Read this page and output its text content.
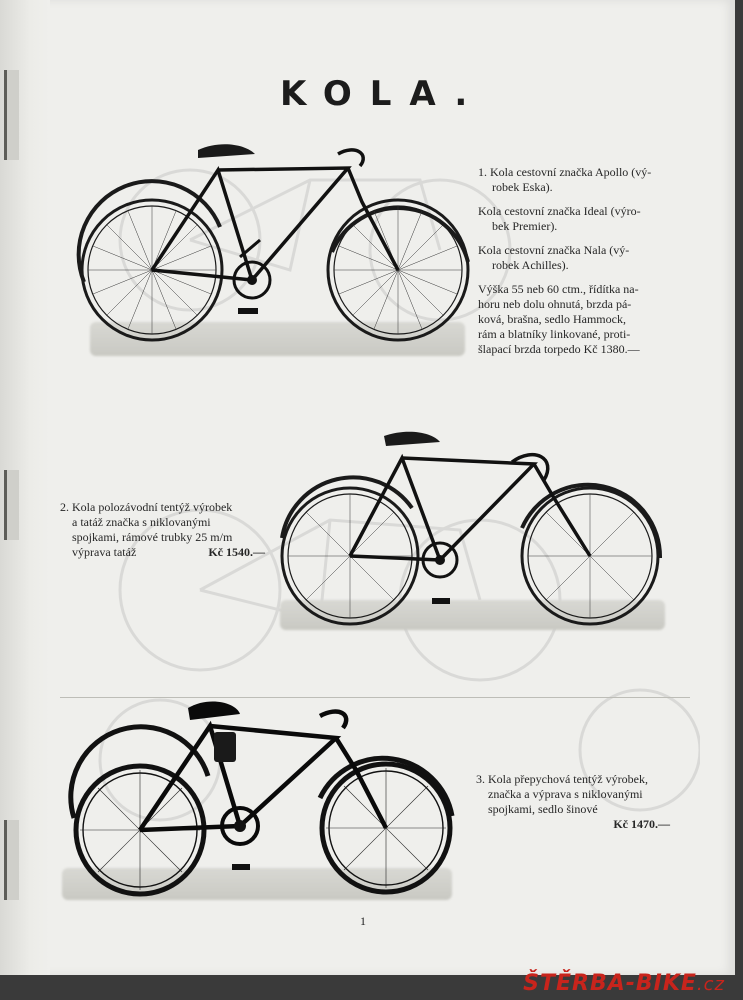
KOLA.

1. Kola cestovní značka Apollo (vý-
robek Eska).

Kola cestovní značka Ideal (výro-
bek Premier).

Kola cestovní značka Nala (vý-
robek Achilles).

Výška 55 neb 60 ctm., řídítka na-
horu neb dolu ohnutá, brzda pá-
ková, brašna, sedlo Hammock,
rám a blatníky linkované, proti-
šlapací brzda torpedo Kč 1380.—

2. Kola polozávodní tentýž výrobek
a tatáž značka s niklovanými
spojkami, rámové trubky 25 m/m
výprava tatáž	Kč 1540.—
3. Kola přepychová tentýž výrobek,
značka a výprava s niklovanými
spojkami, sedlo šinové
Kč 1470.—
1
ŠTĚRBA-BIKE.cz
